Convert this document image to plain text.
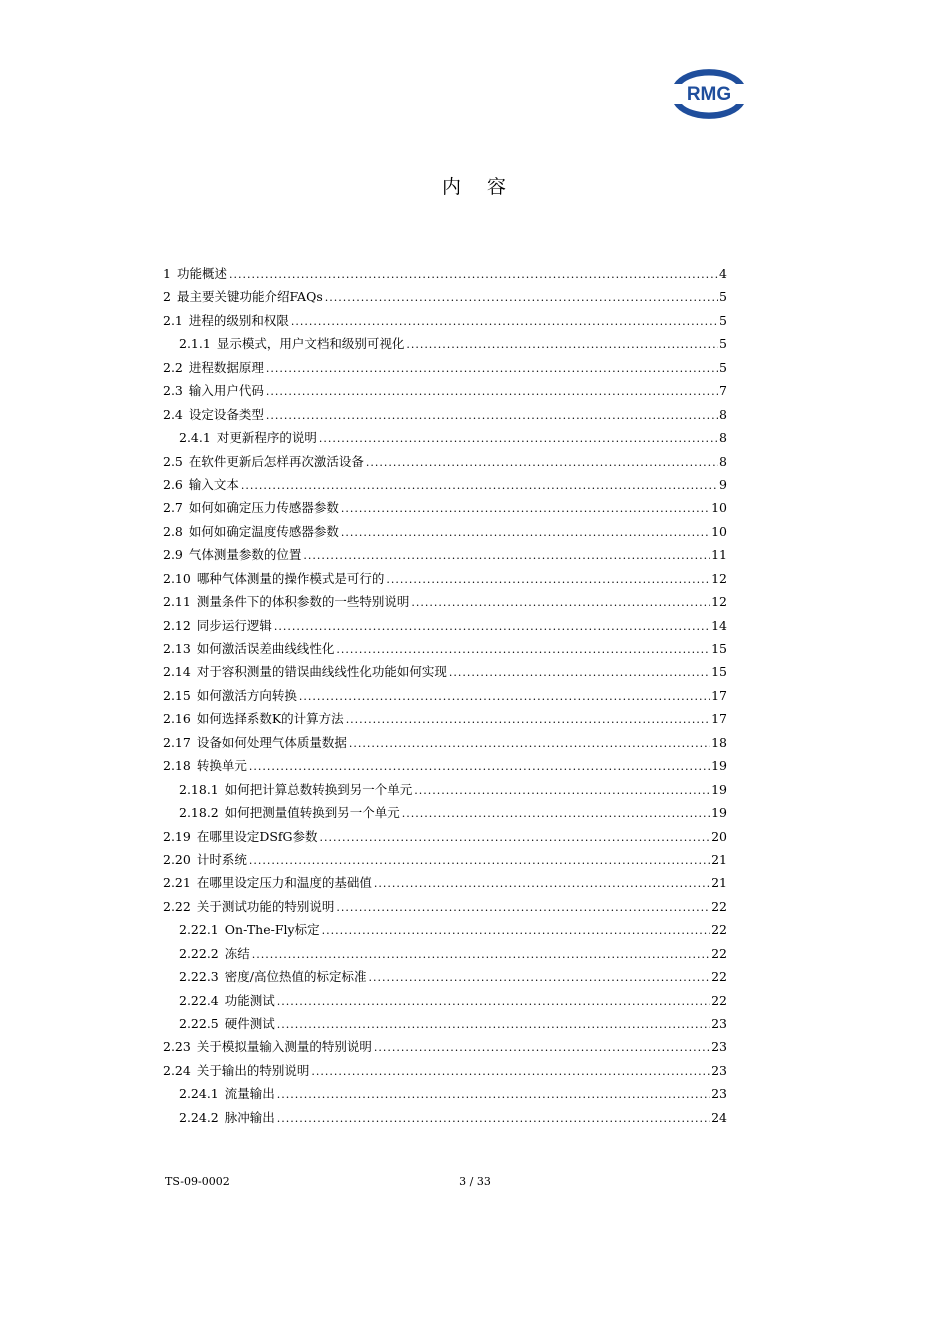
RMG
内 容
1 功能概述 .....	4
2 最主要关键功能介绍FAQs .....	5
2.1 进程的级别和权限 .....	5
2.1.1 显示模式，用户文档和级别可视化 .....	5
2.2 进程数据原理 .....	5
2.3 输入用户代码 .....	7
2.4 设定设备类型 .....	8
2.4.1 对更新程序的说明 .....	8
2.5 在软件更新后怎样再次激活设备 .....	8
2.6 输入文本 .....	9
2.7 如何如确定压力传感器参数 .....	10
2.8 如何如确定温度传感器参数 .....	10
2.9 气体测量参数的位置 .....	11
2.10 哪种气体测量的操作模式是可行的 .....	12
2.11 测量条件下的体积参数的一些特别说明 .....	12
2.12 同步运行逻辑 .....	14
2.13 如何激活误差曲线线性化 .....	15
2.14 对于容积测量的错误曲线线性化功能如何实现 .....	15
2.15 如何激活方向转换 .....	17
2.16 如何选择系数K的计算方法 .....	17
2.17 设备如何处理气体质量数据 .....	18
2.18 转换单元 .....	19
2.18.1 如何把计算总数转换到另一个单元 .....	19
2.18.2 如何把测量值转换到另一个单元 .....	19
2.19 在哪里设定DSfG参数 .....	20
2.20 计时系统 .....	21
2.21 在哪里设定压力和温度的基础值 .....	21
2.22 关于测试功能的特别说明 .....	22
2.22.1 On-The-Fly标定 .....	22
2.22.2 冻结 .....	22
2.22.3 密度/高位热值的标定标准 .....	22
2.22.4 功能测试 .....	22
2.22.5 硬件测试 .....	23
2.23 关于模拟量输入测量的特别说明 .....	23
2.24 关于输出的特别说明 .....	23
2.24.1 流量输出 .....	23
2.24.2 脉冲输出 .....	24
TS-09-0002	3 / 33
